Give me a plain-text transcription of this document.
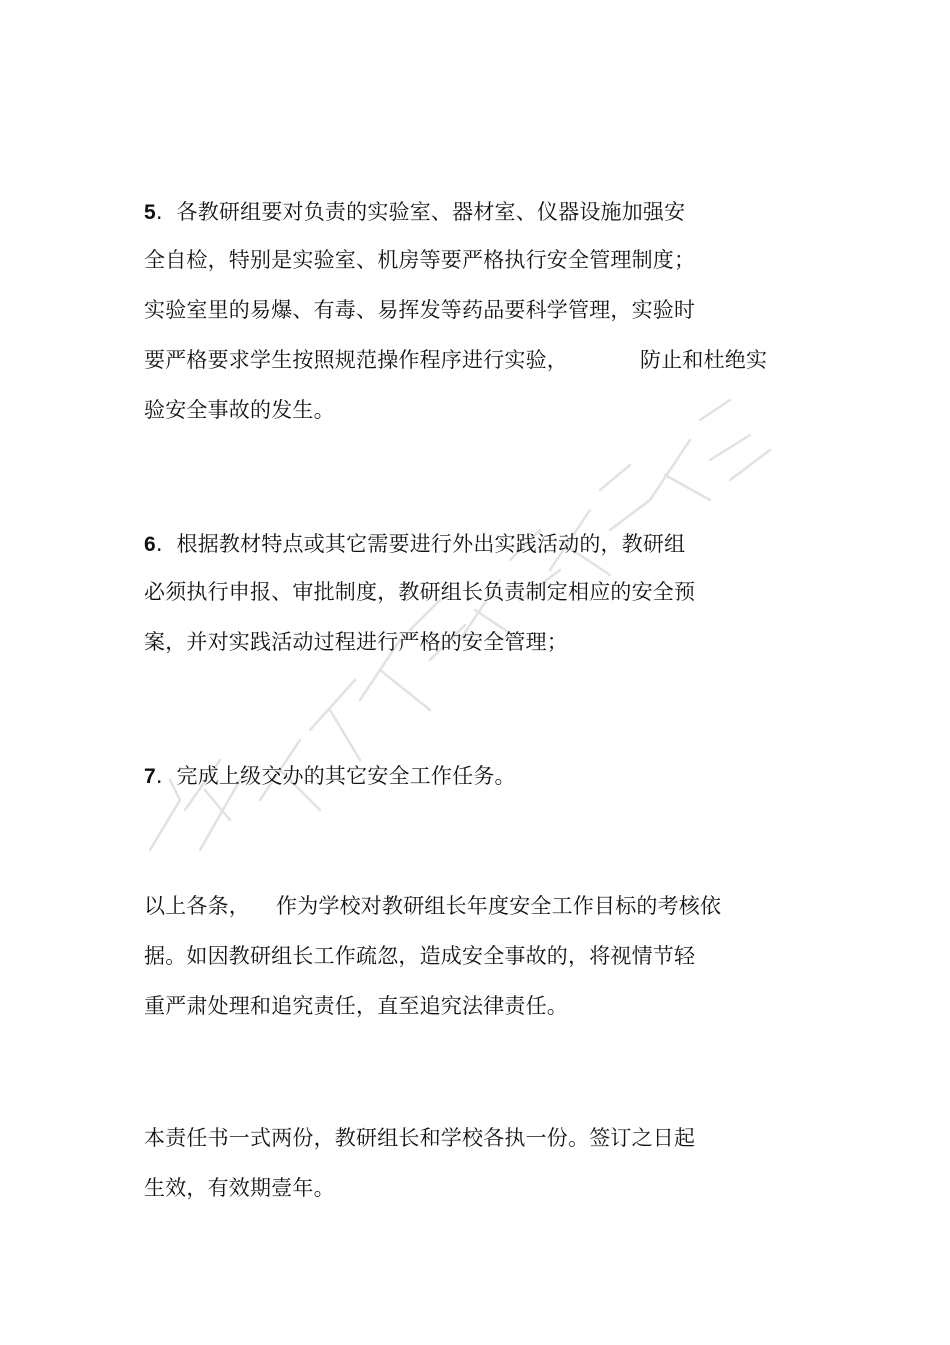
5.  各教研组要对负责的实验室、器材室、仪器设施加强安
全自检，特别是实验室、机房等要严格执行安全管理制度；
实验室里的易爆、有毒、易挥发等药品要科学管理，实验时
要严格要求学生按照规范操作程序进行实验，	防止和杜绝实
验安全事故的发生。
6.  根据教材特点或其它需要进行外出实践活动的，教研组
必须执行申报、审批制度，教研组长负责制定相应的安全预
案，并对实践活动过程进行严格的安全管理；
7.  完成上级交办的其它安全工作任务。
以上各条， 作为学校对教研组长年度安全工作目标的考核依
据。如因教研组长工作疏忽，造成安全事故的，将视情节轻
重严肃处理和追究责任，直至追究法律责任。
本责任书一式两份，教研组长和学校各执一份。签订之日起
生效，有效期壹年。
